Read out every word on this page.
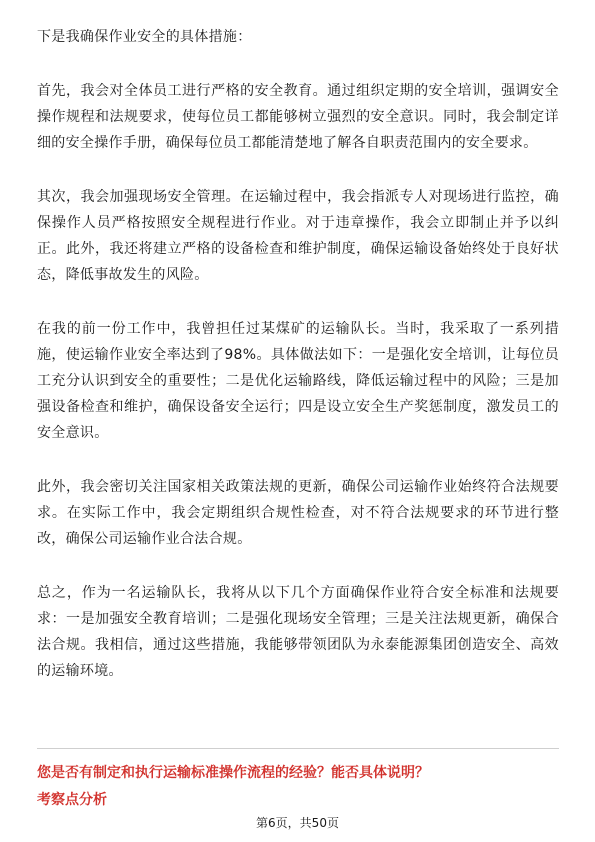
下是我确保作业安全的具体措施：

首先，我会对全体员工进行严格的安全教育。通过组织定期的安全培训，强调安全操作规程和法规要求，使每位员工都能够树立强烈的安全意识。同时，我会制定详细的安全操作手册，确保每位员工都能清楚地了解各自职责范围内的安全要求。

其次，我会加强现场安全管理。在运输过程中，我会指派专人对现场进行监控，确保操作人员严格按照安全规程进行作业。对于违章操作，我会立即制止并予以纠正。此外，我还将建立严格的设备检查和维护制度，确保运输设备始终处于良好状态，降低事故发生的风险。

在我的前一份工作中，我曾担任过某煤矿的运输队长。当时，我采取了一系列措施，使运输作业安全率达到了98%。具体做法如下：一是强化安全培训，让每位员工充分认识到安全的重要性；二是优化运输路线，降低运输过程中的风险；三是加强设备检查和维护，确保设备安全运行；四是设立安全生产奖惩制度，激发员工的安全意识。

此外，我会密切关注国家相关政策法规的更新，确保公司运输作业始终符合法规要求。在实际工作中，我会定期组织合规性检查，对不符合法规要求的环节进行整改，确保公司运输作业合法合规。

总之，作为一名运输队长，我将从以下几个方面确保作业符合安全标准和法规要求：一是加强安全教育培训；二是强化现场安全管理；三是关注法规更新，确保合法合规。我相信，通过这些措施，我能够带领团队为永泰能源集团创造安全、高效的运输环境。

您是否有制定和执行运输标准操作流程的经验？能否具体说明？
考察点分析
第6页，共50页
